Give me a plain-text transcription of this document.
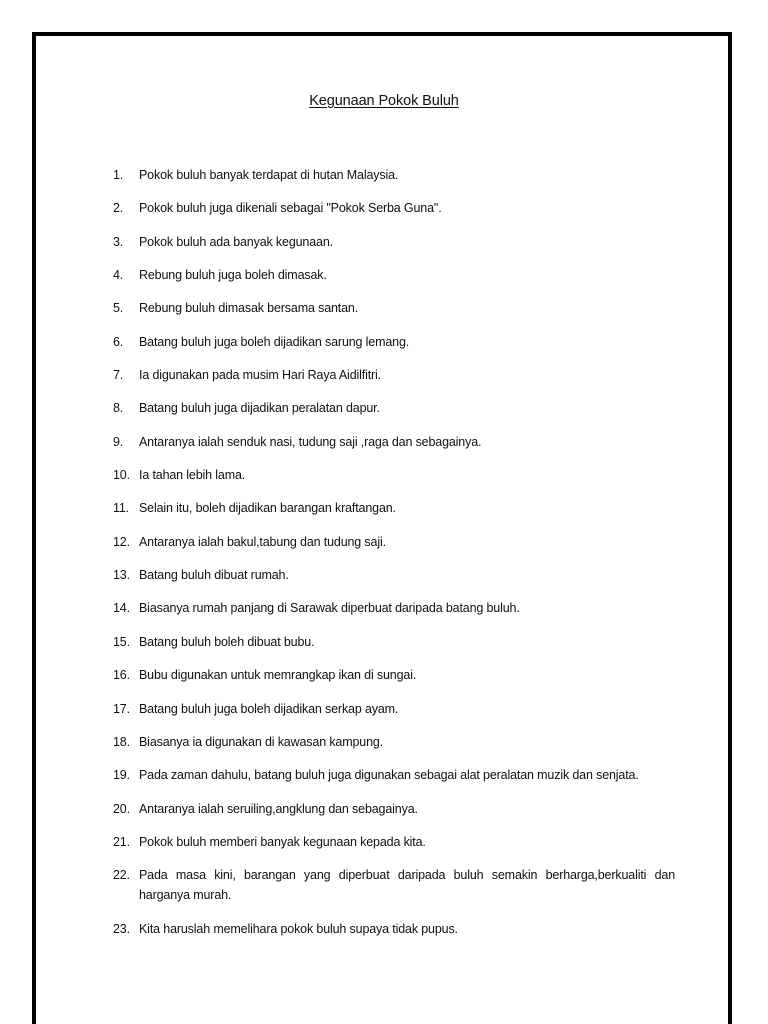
Kegunaan Pokok Buluh
1.	Pokok buluh banyak terdapat di hutan Malaysia.
2.	Pokok buluh juga dikenali sebagai "Pokok Serba Guna".
3.	Pokok buluh ada banyak kegunaan.
4.	Rebung buluh juga boleh dimasak.
5.	Rebung buluh dimasak bersama santan.
6.	Batang buluh juga boleh dijadikan sarung lemang.
7.	Ia digunakan pada musim Hari Raya Aidilfitri.
8.	Batang buluh juga dijadikan peralatan dapur.
9.	Antaranya ialah senduk nasi, tudung saji ,raga dan sebagainya.
10. Ia tahan lebih lama.
11. Selain itu, boleh dijadikan barangan kraftangan.
12. Antaranya ialah bakul,tabung dan tudung saji.
13. Batang buluh dibuat rumah.
14. Biasanya rumah panjang di Sarawak diperbuat daripada batang buluh.
15. Batang buluh boleh dibuat bubu.
16. Bubu digunakan untuk memrangkap ikan di sungai.
17. Batang buluh juga boleh dijadikan serkap ayam.
18. Biasanya ia digunakan di kawasan kampung.
19. Pada zaman dahulu, batang buluh juga digunakan sebagai alat peralatan muzik dan senjata.
20. Antaranya ialah seruiling,angklung dan sebagainya.
21. Pokok buluh memberi banyak kegunaan kepada kita.
22. Pada masa kini, barangan yang diperbuat daripada buluh semakin berharga,berkualiti dan harganya murah.
23. Kita haruslah memelihara pokok buluh supaya tidak pupus.
